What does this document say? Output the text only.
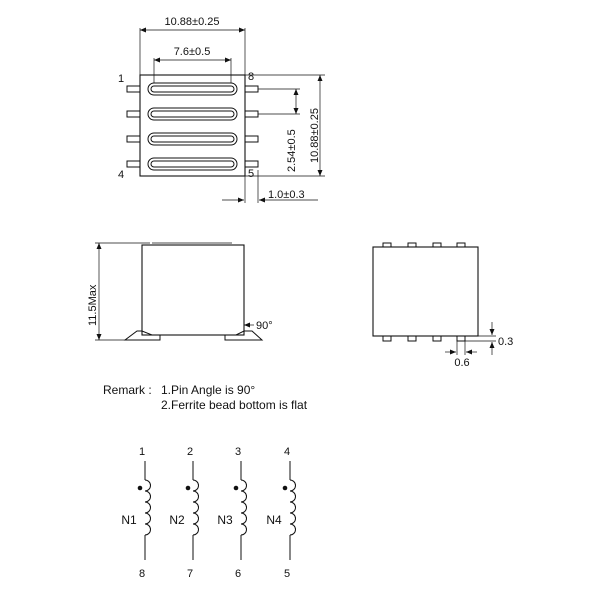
1
4
8
5
10.88±0.25
7.6±0.5
2.54±0.5 10.88±0.25
1.0±0.3
11.5Max	90°
0.3
0.6
Remark : 1.Pin Angle is 90°
2.Ferrite bead bottom is flat
1
N1
8
2
N2
7
3
N3
6
4
N4
5
